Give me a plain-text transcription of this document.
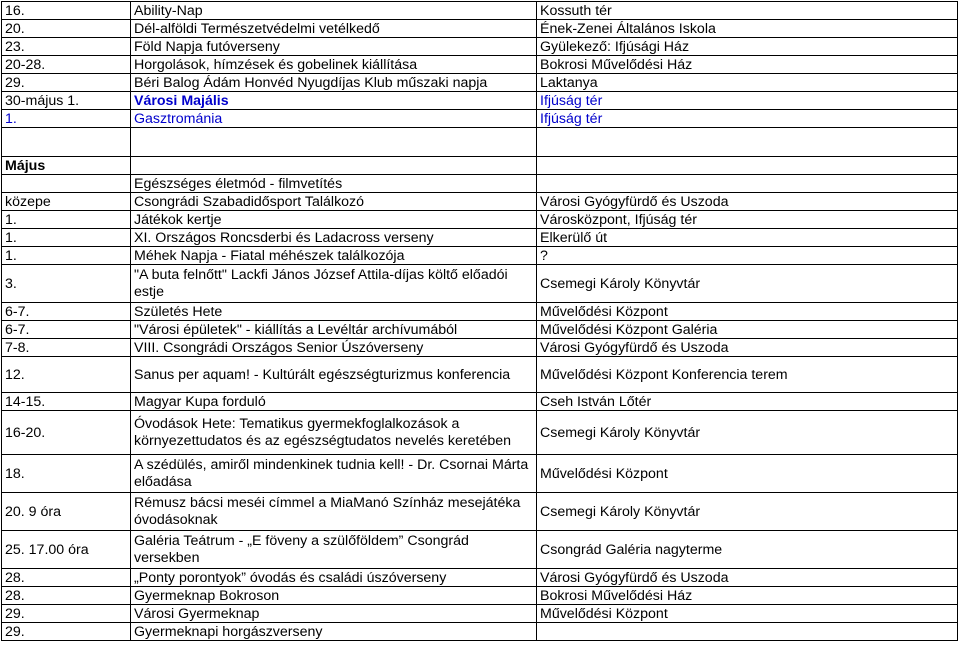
16.	Ability-Nap	Kossuth tér
20.	Dél-alföldi Természetvédelmi vetélkedő	Ének-Zenei Általános Iskola
23.	Föld Napja futóverseny	Gyülekező: Ifjúsági Ház
20-28.	Horgolások, hímzések és gobelinek kiállítása	Bokrosi Művelődési Ház
29.	Béri Balog Ádám Honvéd Nyugdíjas Klub műszaki napja	Laktanya
30-május 1.	Városi Majális	Ifjúság tér
1.	Gasztrománia	Ifjúság tér

Május		
	Egészséges életmód - filmvetítés	
közepe	Csongrádi Szabadidősport Találkozó	Városi Gyógyfürdő és Uszoda
1.	Játékok kertje	Városközpont, Ifjúság tér
1.	XI. Országos Roncsderbi és Ladacross verseny	Elkerülő út
1.	Méhek Napja - Fiatal méhészek találkozója	?
3.	"A buta felnőtt" Lackfi János József Attila-díjas költő előadói estje	Csemegi Károly Könyvtár
6-7.	Születés Hete	Művelődési Központ
6-7.	"Városi épületek" - kiállítás a Levéltár archívumából	Művelődési Központ Galéria
7-8.	VIII. Csongrádi Országos Senior Úszóverseny	Városi Gyógyfürdő és Uszoda
12.	Sanus per aquam! - Kultúrált egészségturizmus konferencia	Művelődési Központ Konferencia terem
14-15.	Magyar Kupa forduló	Cseh István Lőtér
16-20.	Óvodások Hete: Tematikus gyermekfoglalkozások a környezettudatos és az egészségtudatos nevelés keretében	Csemegi Károly Könyvtár
18.	A szédülés, amiről mindenkinek tudnia kell! - Dr. Csornai Márta előadása	Művelődési Központ
20. 9 óra	Rémusz bácsi meséi címmel a MiaManó Színház mesejátéka óvodásoknak	Csemegi Károly Könyvtár
25. 17.00 óra	Galéria Teátrum - „E föveny a szülőföldem” Csongrád versekben	Csongrád Galéria nagyterme
28.	„Ponty porontyok” óvodás és családi úszóverseny	Városi Gyógyfürdő és Uszoda
28.	Gyermeknap Bokroson	Bokrosi Művelődési Ház
29.	Városi Gyermeknap	Művelődési Központ
29.	Gyermeknapi horgászverseny	
